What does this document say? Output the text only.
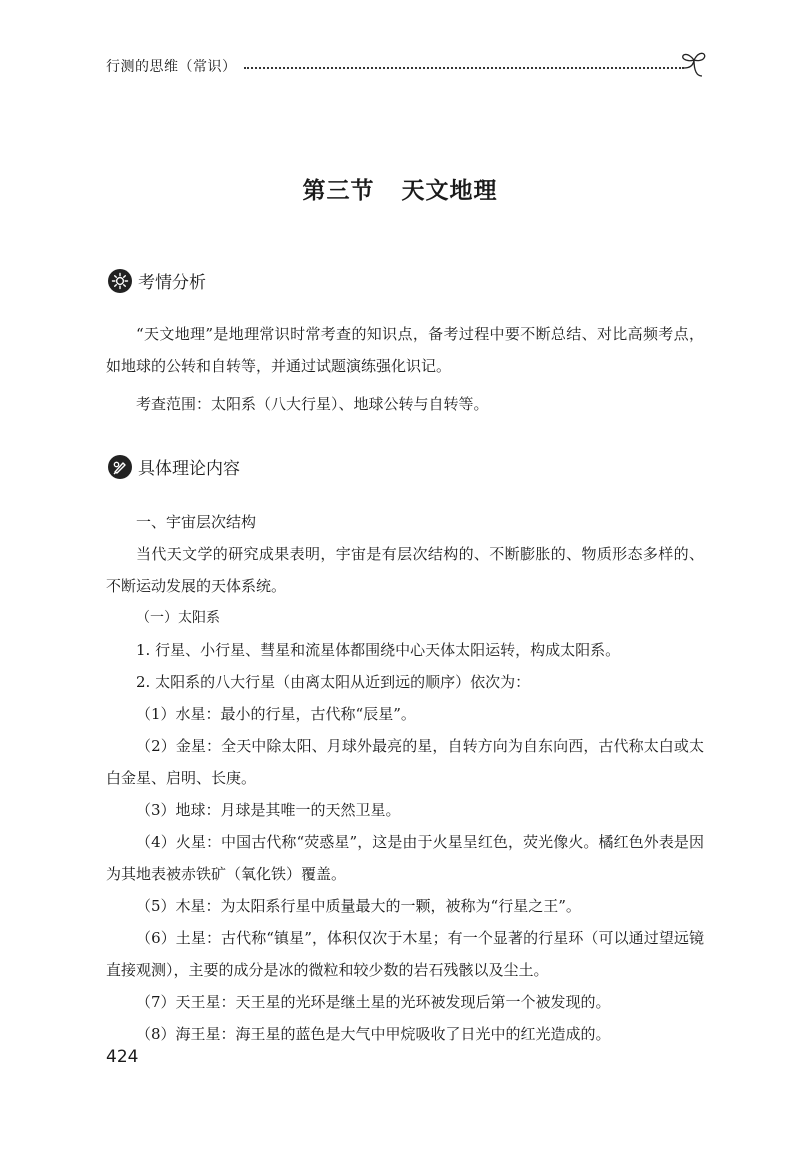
行测的思维（常识）
第三节   天文地理
考情分析
“天文地理”是地理常识时常考查的知识点，备考过程中要不断总结、对比高频考点，如地球的公转和自转等，并通过试题演练强化识记。
考查范围：太阳系（八大行星）、地球公转与自转等。
具体理论内容
一、宇宙层次结构
当代天文学的研究成果表明，宇宙是有层次结构的、不断膨胀的、物质形态多样的、不断运动发展的天体系统。
（一）太阳系
1. 行星、小行星、彗星和流星体都围绕中心天体太阳运转，构成太阳系。
2. 太阳系的八大行星（由离太阳从近到远的顺序）依次为：
（1）水星：最小的行星，古代称“辰星”。
（2）金星：全天中除太阳、月球外最亮的星，自转方向为自东向西，古代称太白或太白金星、启明、长庚。
（3）地球：月球是其唯一的天然卫星。
（4）火星：中国古代称“荧惑星”，这是由于火星呈红色，荧光像火。橘红色外表是因为其地表被赤铁矿（氧化铁）覆盖。
（5）木星：为太阳系行星中质量最大的一颗，被称为“行星之王”。
（6）土星：古代称“镇星”，体积仅次于木星；有一个显著的行星环（可以通过望远镜直接观测），主要的成分是冰的微粒和较少数的岩石残骸以及尘土。
（7）天王星：天王星的光环是继土星的光环被发现后第一个被发现的。
（8）海王星：海王星的蓝色是大气中甲烷吸收了日光中的红光造成的。
424
